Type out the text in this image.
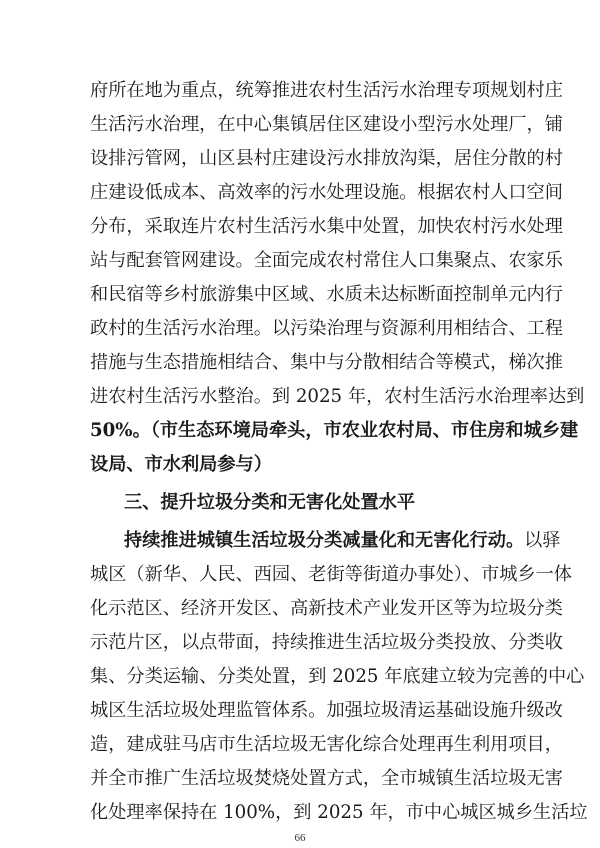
府所在地为重点，统筹推进农村生活污水治理专项规划村庄
生活污水治理，在中心集镇居住区建设小型污水处理厂，铺
设排污管网，山区县村庄建设污水排放沟渠，居住分散的村
庄建设低成本、高效率的污水处理设施。根据农村人口空间
分布，采取连片农村生活污水集中处置，加快农村污水处理
站与配套管网建设。全面完成农村常住人口集聚点、农家乐
和民宿等乡村旅游集中区域、水质未达标断面控制单元内行
政村的生活污水治理。以污染治理与资源利用相结合、工程
措施与生态措施相结合、集中与分散相结合等模式，梯次推
进农村生活污水整治。到 2025 年，农村生活污水治理率达到
50%。（市生态环境局牵头，市农业农村局、市住房和城乡建
设局、市水利局参与）
三、提升垃圾分类和无害化处置水平
持续推进城镇生活垃圾分类减量化和无害化行动。以驿
城区（新华、人民、西园、老街等街道办事处）、市城乡一体
化示范区、经济开发区、高新技术产业发开区等为垃圾分类
示范片区，以点带面，持续推进生活垃圾分类投放、分类收
集、分类运输、分类处置，到 2025 年底建立较为完善的中心
城区生活垃圾处理监管体系。加强垃圾清运基础设施升级改
造，建成驻马店市生活垃圾无害化综合处理再生利用项目，
并全市推广生活垃圾焚烧处置方式，全市城镇生活垃圾无害
化处理率保持在 100%，到 2025 年，市中心城区城乡生活垃
66
